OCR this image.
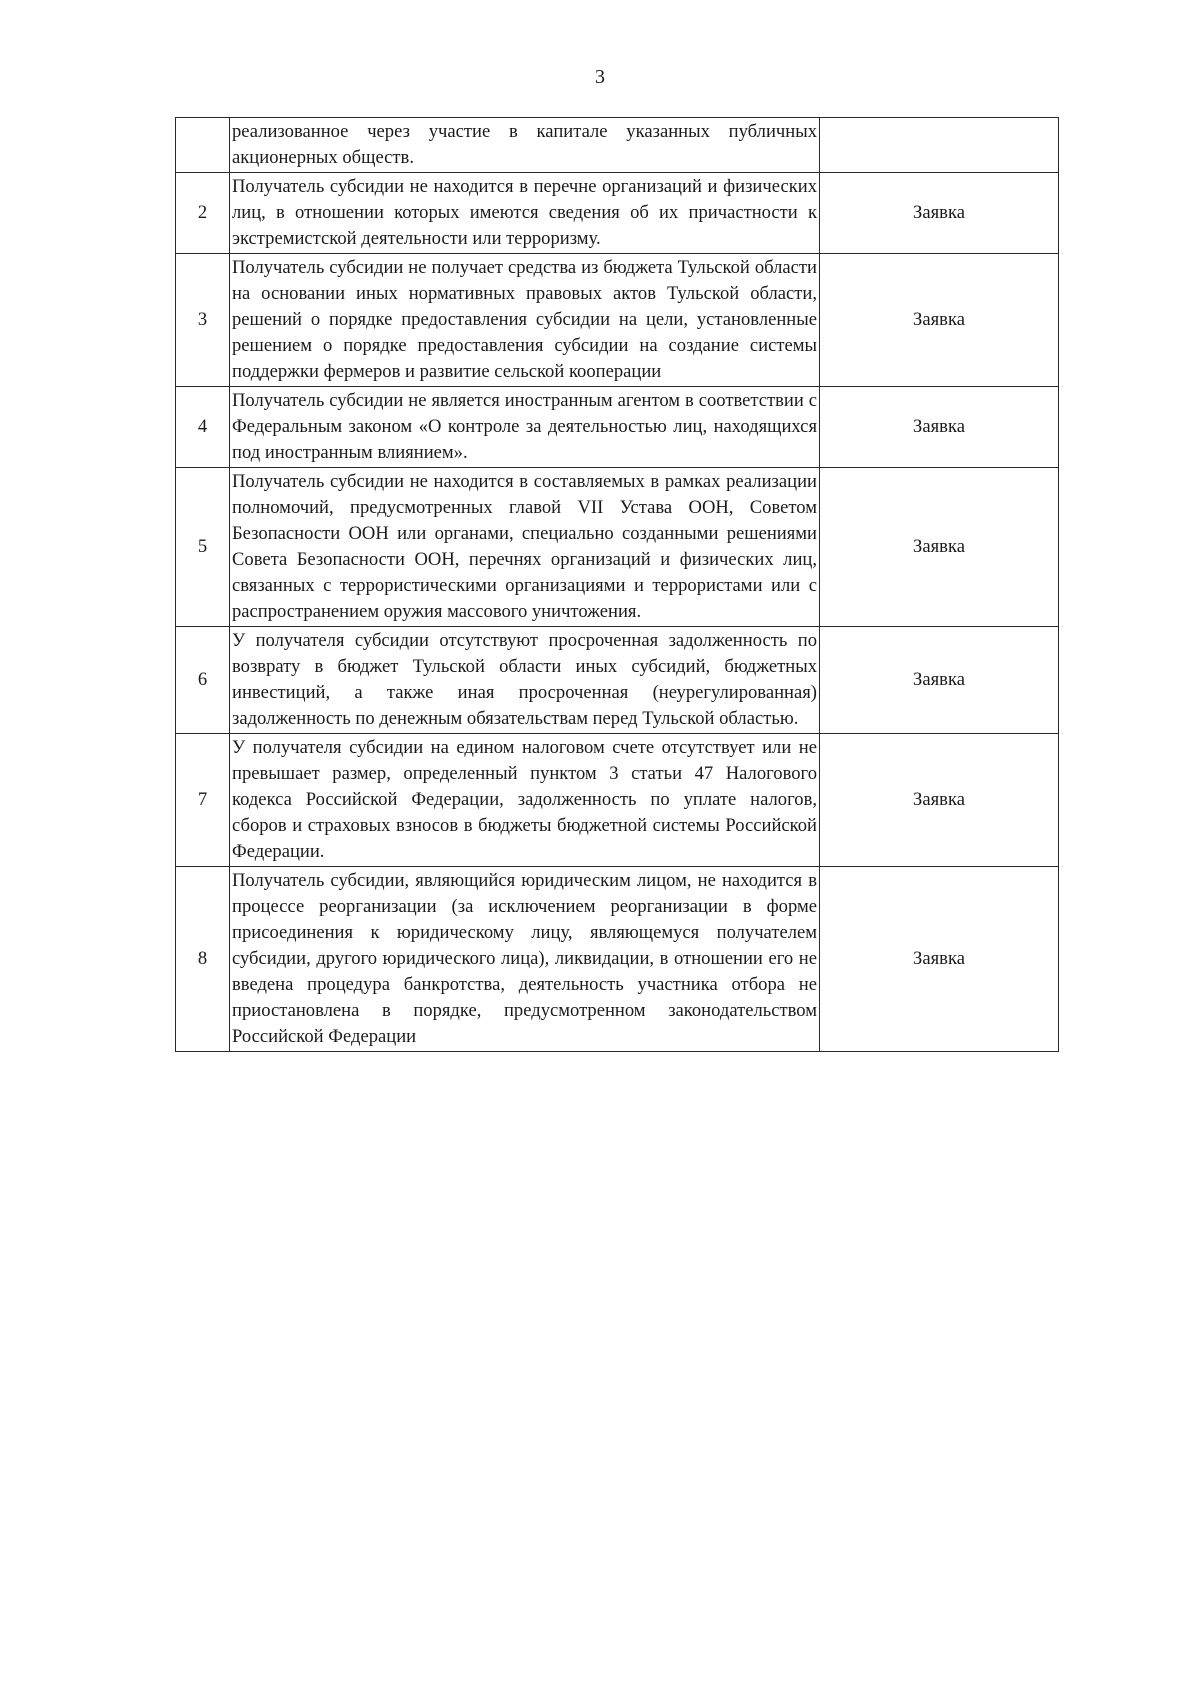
3
	реализованное через участие в капитале указанных публичных акционерных обществ.	
2	Получатель субсидии не находится в перечне организаций и физических лиц, в отношении которых имеются сведения об их причастности к экстремистской деятельности или терроризму.	Заявка
3	Получатель субсидии не получает средства из бюджета Тульской области на основании иных нормативных правовых актов Тульской области, решений о порядке предоставления субсидии на цели, установленные решением о порядке предоставления субсидии на создание системы поддержки фермеров и развитие сельской кооперации	Заявка
4	Получатель субсидии не является иностранным агентом в соответствии с Федеральным законом «О контроле за деятельностью лиц, находящихся под иностранным влиянием».	Заявка
5	Получатель субсидии не находится в составляемых в рамках реализации полномочий, предусмотренных главой VII Устава ООН, Советом Безопасности ООН или органами, специально созданными решениями Совета Безопасности ООН, перечнях организаций и физических лиц, связанных с террористическими организациями и террористами или с распространением оружия массового уничтожения.	Заявка
6	У получателя субсидии отсутствуют просроченная задолженность по возврату в бюджет Тульской области иных субсидий, бюджетных инвестиций, а также иная просроченная (неурегулированная) задолженность по денежным обязательствам перед Тульской областью.	Заявка
7	У получателя субсидии на едином налоговом счете отсутствует или не превышает размер, определенный пунктом 3 статьи 47 Налогового кодекса Российской Федерации, задолженность по уплате налогов, сборов и страховых взносов в бюджеты бюджетной системы Российской Федерации.	Заявка
8	Получатель субсидии, являющийся юридическим лицом, не находится в процессе реорганизации (за исключением реорганизации в форме присоединения к юридическому лицу, являющемуся получателем субсидии, другого юридического лица), ликвидации, в отношении его не введена процедура банкротства, деятельность участника отбора не приостановлена в порядке, предусмотренном законодательством Российской Федерации	Заявка
